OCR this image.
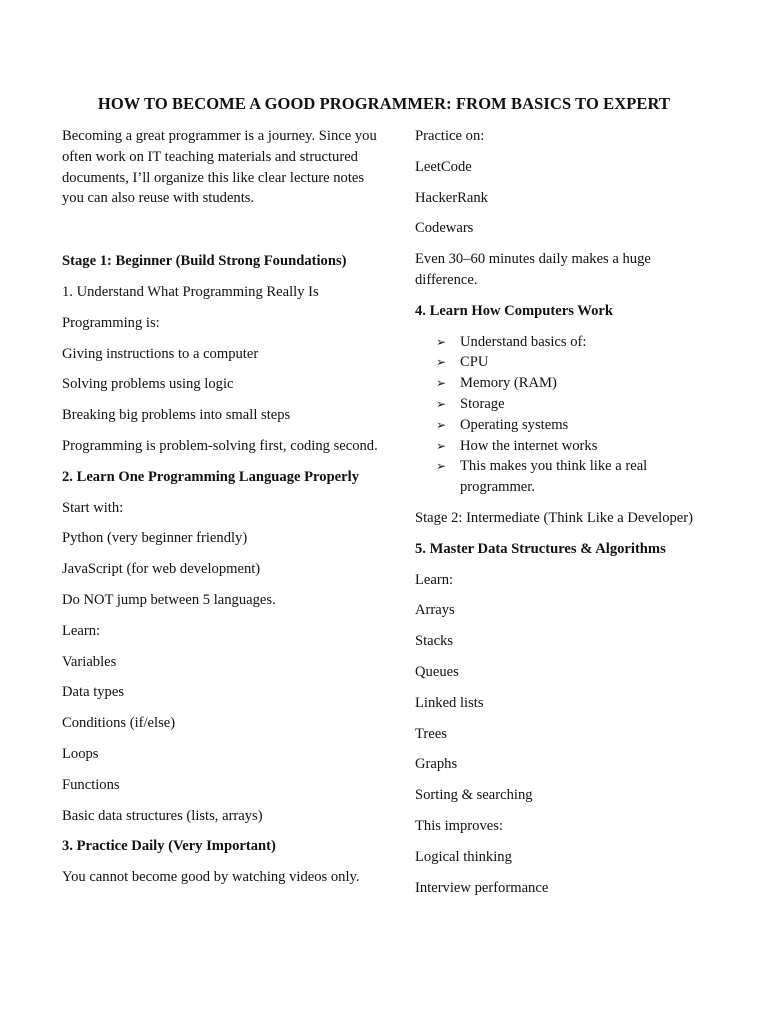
HOW TO BECOME A GOOD PROGRAMMER: FROM BASICS TO EXPERT

Becoming a great programmer is a journey. Since you often work on IT teaching materials and structured documents, I’ll organize this like clear lecture notes you can also reuse with students.

Stage 1: Beginner (Build Strong Foundations)

1. Understand What Programming Really Is

Programming is:

Giving instructions to a computer

Solving problems using logic

Breaking big problems into small steps

Programming is problem-solving first, coding second.

2. Learn One Programming Language Properly

Start with:

Python (very beginner friendly)

JavaScript (for web development)

Do NOT jump between 5 languages.

Learn:

Variables

Data types

Conditions (if/else)

Loops

Functions

Basic data structures (lists, arrays)

3. Practice Daily (Very Important)

You cannot become good by watching videos only.

Practice on:

LeetCode

HackerRank

Codewars

Even 30–60 minutes daily makes a huge difference.

4. Learn How Computers Work

➢ Understand basics of:
➢ CPU
➢ Memory (RAM)
➢ Storage
➢ Operating systems
➢ How the internet works
➢ This makes you think like a real programmer.

Stage 2: Intermediate (Think Like a Developer)

5. Master Data Structures & Algorithms

Learn:

Arrays

Stacks

Queues

Linked lists

Trees

Graphs

Sorting & searching

This improves:

Logical thinking

Interview performance
